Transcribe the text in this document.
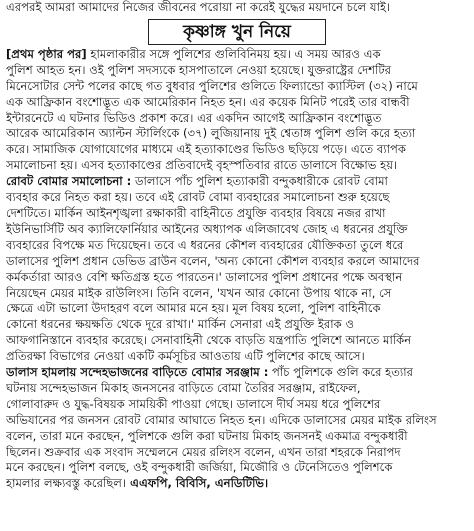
এরপরই আমরা আমাদের নিজের জীবনের পরোয়া না করেই যুদ্ধের ময়দানে চলে যাই।
কৃষ্ণাঙ্গ খুন নিয়ে
[প্রথম পৃষ্ঠার পর] হামলাকারীর সঙ্গে পুলিশের গুলিবিনিময় হয়। এ সময় আরও এক
পুলিশ আহত হন। ওই পুলিশ সদস্যকে হাসপাতালে নেওয়া হয়েছে। যুক্তরাষ্ট্রের দেশটির
মিনেসোটার সেন্ট পলের কাছে গত বুধবার পুলিশের গুলিতে ফিল্যান্ডো ক্যাস্টিল (৩২) নামে
এক আফ্রিকান বংশোদ্ভূত এক আমেরিকান নিহত হন। এর কয়েক মিনিট পরেই তার বান্ধবী
ইন্টারনেটে এ ঘটনার ভিডিও প্রকাশ করে। এর একদিন আগেই আফ্রিকান বংশোদ্ভূত
আরেক আমেরিকান অ্যাল্টন স্টার্লিংকে (৩৭) লুজিয়ানায় দুই শ্বেতাঙ্গ পুলিশ গুলি করে হত্যা
করে। সামাজিক যোগাযোগের মাধ্যমে এই হত্যাকাণ্ডের ভিডিও ছড়িয়ে পড়ে। এতে ব্যাপক
সমালোচনা হয়। এসব হত্যাকাণ্ডের প্রতিবাদেই বৃহস্পতিবার রাতে ডালাসে বিক্ষোভ হয়।
রোবট বোমার সমালোচনা : ডালাসে পাঁচ পুলিশ হত্যাকারী বন্দুকধারীকে রোবট বোমা
ব্যবহার করে নিহত করা হয়। তবে এই রোবট বোমা ব্যবহারের সমালোচনা শুরু হয়েছে
দেশটিতে। মার্কিন আইনশৃঙ্খলা রক্ষাকারী বাহিনীতে প্রযুক্তি ব্যবহার বিষয়ে নজর রাখা
ইউনিভার্সিটি অব ক্যালিফোর্নিয়ার আইনের অধ্যাপক এলিজাবেথ জোহ এ ধরনের প্রযুক্তি
ব্যবহারের বিপক্ষে মত দিয়েছেন। তবে এ ধরনের কৌশল ব্যবহারের যৌক্তিকতা তুলে ধরে
ডালাসের পুলিশ প্রধান ডেভিড ব্রাউন বলেন, 'অন্য কোনো কৌশল ব্যবহার করলে আমাদের
কর্মকর্তারা আরও বেশি ক্ষতিগ্রস্ত হতে পারতেন।' ডালাসের পুলিশ প্রধানের পক্ষে অবস্থান
নিয়েছেন মেয়র মাইক রাউলিংস। তিনি বলেন, 'যখন আর কোনো উপায় থাকে না, সে
ক্ষেত্রে এটা ভালো উদাহরণ বলে আমার মনে হয়। মূল বিষয় হলো, পুলিশ বাহিনীকে
কোনো ধরনের ক্ষয়ক্ষতি থেকে দূরে রাখা।' মার্কিন সেনারা এই প্রযুক্তি ইরাক ও
আফগানিস্তানে ব্যবহার করেছে। সেনাবাহিনী থেকে বাড়তি যন্ত্রপাতি পুলিশে আনতে মার্কিন
প্রতিরক্ষা বিভাগের নেওয়া একটি কর্মসূচির আওতায় এটি পুলিশের কাছে আসে।
ডালাস হামলায় সন্দেহভাজনের বাড়িতে বোমার সরঞ্জাম : পাঁচ পুলিশকে গুলি করে হত্যার
ঘটনায় সন্দেহভাজন মিকাহ জনসনের বাড়িতে বোমা তৈরির সরঞ্জাম, রাইফেল,
গোলাবারুদ ও যুদ্ধ-বিষয়ক সাময়িকী পাওয়া গেছে। ডালাসে দীর্ঘ সময় ধরে পুলিশের
অভিযানের পর জনসন রোবট বোমার আঘাতে নিহত হন। এদিকে ডালাসের মেয়র মাইক রলিংস
বলেন, তারা মনে করছেন, পুলিশকে গুলি করা ঘটনায় মিকাহ জনসনই একমাত্র বন্দুকধারী
ছিলেন। শুক্রবার এক সংবাদ সম্মেলনে মেয়র রলিংস বলেন, এখন তারা শহরকে নিরাপদ
মনে করছেন। পুলিশ বলছে, ওই বন্দুকধারী জর্জিয়া, মিজৌরি ও টেনেসিতেও পুলিশকে
হামলার লক্ষ্যবস্তু করেছিল। এএফপি, বিবিসি, এনডিটিভি।
